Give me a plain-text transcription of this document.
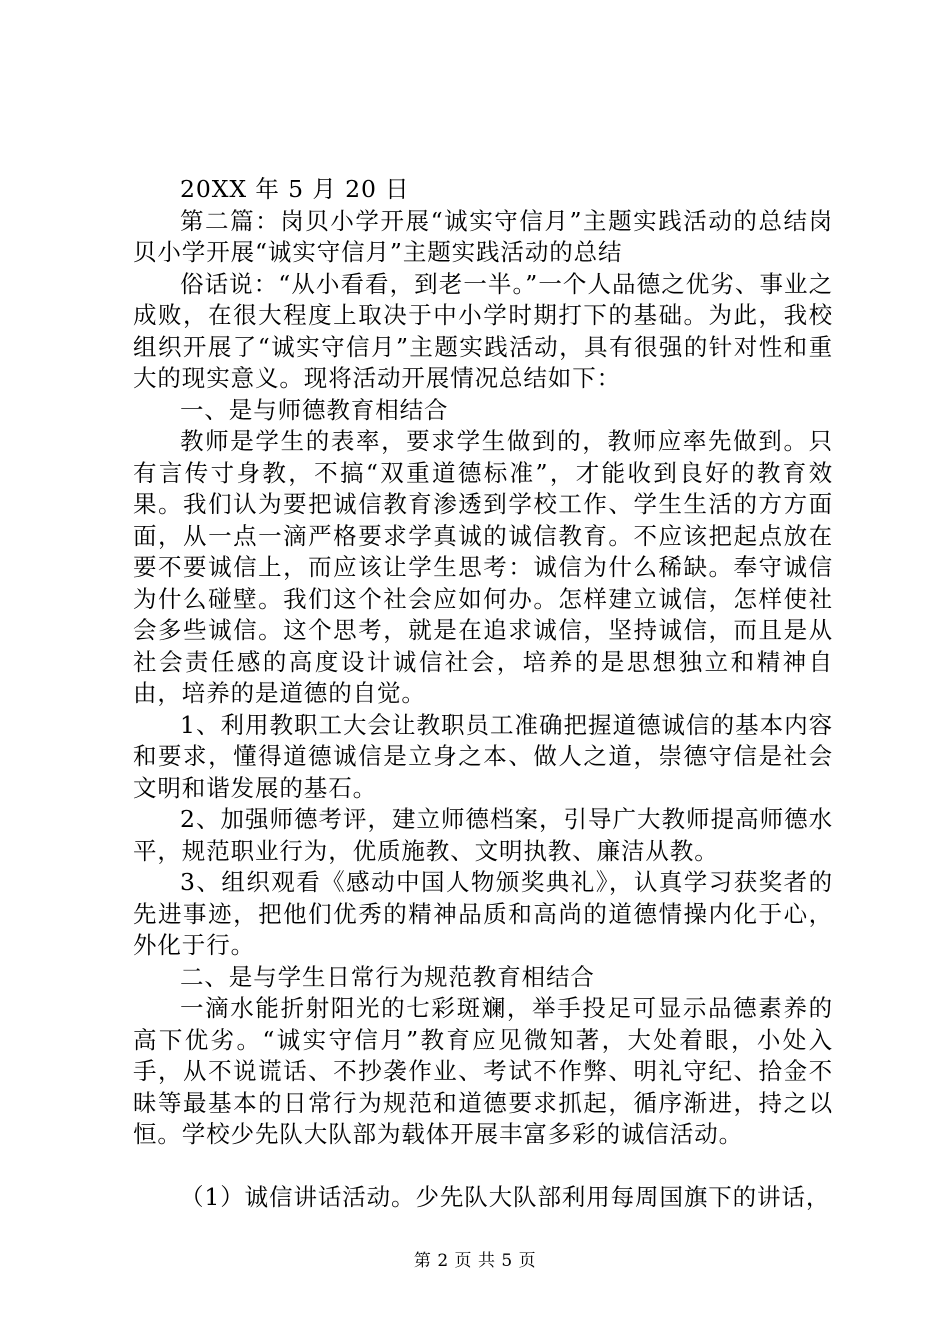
20XX 年 5 月 20 日

第二篇：岗贝小学开展“诚实守信月”主题实践活动的总结岗贝小学开展“诚实守信月”主题实践活动的总结

俗话说：“从小看看，到老一半。”一个人品德之优劣、事业之成败，在很大程度上取决于中小学时期打下的基础。为此，我校组织开展了“诚实守信月”主题实践活动，具有很强的针对性和重大的现实意义。现将活动开展情况总结如下：

一、是与师德教育相结合

教师是学生的表率，要求学生做到的，教师应率先做到。只有言传寸身教，不搞“双重道德标准”，才能收到良好的教育效果。我们认为要把诚信教育渗透到学校工作、学生生活的方方面面，从一点一滴严格要求学真诚的诚信教育。不应该把起点放在要不要诚信上，而应该让学生思考：诚信为什么稀缺。奉守诚信为什么碰壁。我们这个社会应如何办。怎样建立诚信，怎样使社会多些诚信。这个思考，就是在追求诚信，坚持诚信，而且是从社会责任感的高度设计诚信社会，培养的是思想独立和精神自由，培养的是道德的自觉。

1、利用教职工大会让教职员工准确把握道德诚信的基本内容和要求，懂得道德诚信是立身之本、做人之道，崇德守信是社会文明和谐发展的基石。

2、加强师德考评，建立师德档案，引导广大教师提高师德水平，规范职业行为，优质施教、文明执教、廉洁从教。

3、组织观看《感动中国人物颁奖典礼》，认真学习获奖者的先进事迹，把他们优秀的精神品质和高尚的道德情操内化于心，外化于行。

二、是与学生日常行为规范教育相结合

一滴水能折射阳光的七彩斑斓，举手投足可显示品德素养的高下优劣。“诚实守信月”教育应见微知著，大处着眼，小处入手，从不说谎话、不抄袭作业、考试不作弊、明礼守纪、拾金不昧等最基本的日常行为规范和道德要求抓起，循序渐进，持之以恒。学校少先队大队部为载体开展丰富多彩的诚信活动。

（1）诚信讲话活动。少先队大队部利用每周国旗下的讲话，

第 2 页 共 5 页
